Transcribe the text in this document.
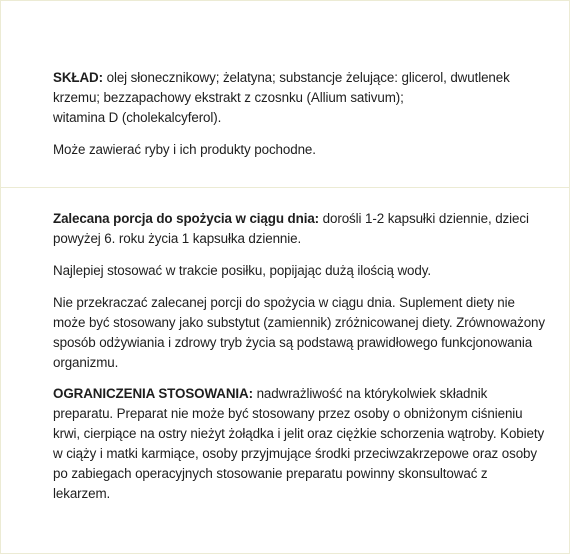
SKŁAD: olej słonecznikowy; żelatyna; substancje żelujące: glicerol, dwutlenek krzemu; bezzapachowy ekstrakt z czosnku (Allium sativum);
witamina D (cholekalcyferol).

Może zawierać ryby i ich produkty pochodne.

Zalecana porcja do spożycia w ciągu dnia: dorośli 1-2 kapsułki dziennie, dzieci powyżej 6. roku życia 1 kapsułka dziennie.

Najlepiej stosować w trakcie posiłku, popijając dużą ilością wody.

Nie przekraczać zalecanej porcji do spożycia w ciągu dnia. Suplement diety nie może być stosowany jako substytut (zamiennik) zróżnicowanej diety. Zrównoważony sposób odżywiania i zdrowy tryb życia są podstawą prawidłowego funkcjonowania organizmu.

OGRANICZENIA STOSOWANIA: nadwrażliwość na którykolwiek składnik preparatu. Preparat nie może być stosowany przez osoby o obniżonym ciśnieniu krwi, cierpiące na ostry nieżyt żołądka i jelit oraz ciężkie schorzenia wątroby. Kobiety w ciąży i matki karmiące, osoby przyjmujące środki przeciwzakrzepowe oraz osoby po zabiegach operacyjnych stosowanie preparatu powinny skonsultować z lekarzem.
